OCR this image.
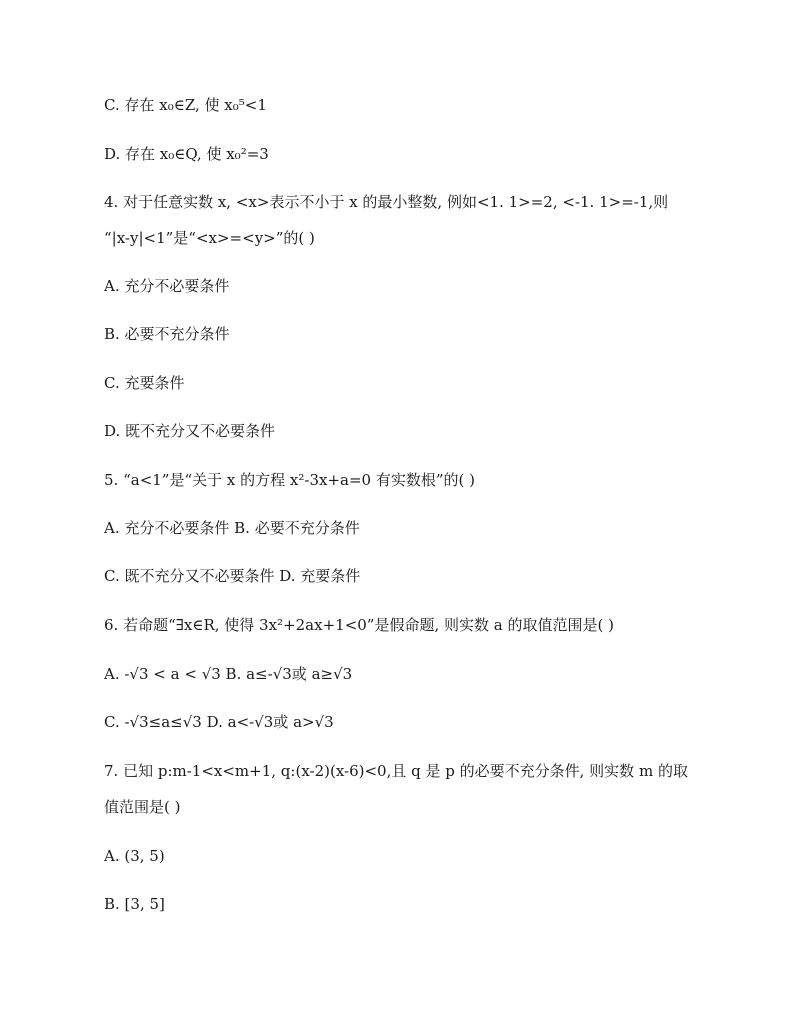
C. 存在 x₀∈Z, 使 x₀⁵<1
D. 存在 x₀∈Q, 使 x₀²=3
4. 对于任意实数 x, <x>表示不小于 x 的最小整数, 例如<1. 1>=2, <-1. 1>=-1,则
“|x-y|<1”是“<x>=<y>”的( )
A. 充分不必要条件
B. 必要不充分条件
C. 充要条件
D. 既不充分又不必要条件
5. “a<1”是“关于 x 的方程 x²-3x+a=0 有实数根”的( )
A. 充分不必要条件 B. 必要不充分条件
C. 既不充分又不必要条件 D. 充要条件
6. 若命题“∃x∈R, 使得 3x²+2ax+1<0”是假命题, 则实数 a 的取值范围是( )
A. -√3 < a < √3 B. a≤-√3或 a≥√3
C. -√3≤a≤√3 D. a<-√3或 a>√3
7. 已知 p:m-1<x<m+1, q:(x-2)(x-6)<0,且 q 是 p 的必要不充分条件, 则实数 m 的取
值范围是( )
A. (3, 5)
B. [3, 5]
